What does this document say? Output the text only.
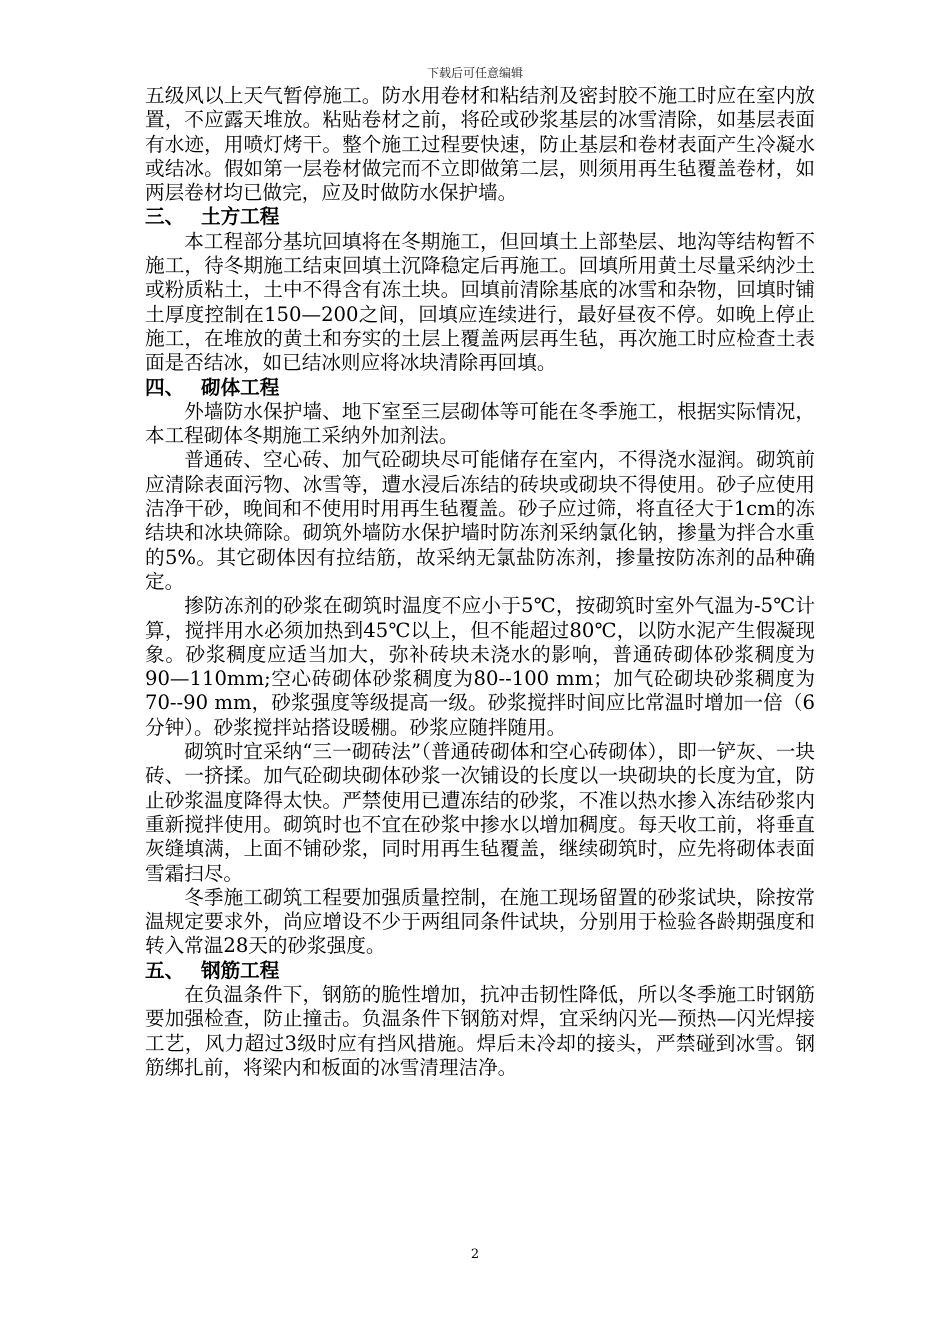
下载后可任意编辑

五级风以上天气暂停施工。防水用卷材和粘结剂及密封胶不施工时应在室内放置，不应露天堆放。粘贴卷材之前，将砼或砂浆基层的冰雪清除，如基层表面有水迹，用喷灯烤干。整个施工过程要快速，防止基层和卷材表面产生冷凝水或结冰。假如第一层卷材做完而不立即做第二层，则须用再生毡覆盖卷材，如两层卷材均已做完，应及时做防水保护墙。

三、 土方工程

本工程部分基坑回填将在冬期施工，但回填土上部垫层、地沟等结构暂不施工，待冬期施工结束回填土沉降稳定后再施工。回填所用黄土尽量采纳沙土或粉质粘土，土中不得含有冻土块。回填前清除基底的冰雪和杂物，回填时铺土厚度控制在150—200之间，回填应连续进行，最好昼夜不停。如晚上停止施工，在堆放的黄土和夯实的土层上覆盖两层再生毡，再次施工时应检查土表面是否结冰，如已结冰则应将冰块清除再回填。

四、 砌体工程

外墙防水保护墙、地下室至三层砌体等可能在冬季施工，根据实际情况，本工程砌体冬期施工采纳外加剂法。

普通砖、空心砖、加气砼砌块尽可能储存在室内，不得浇水湿润。砌筑前应清除表面污物、冰雪等，遭水浸后冻结的砖块或砌块不得使用。砂子应使用洁净干砂，晚间和不使用时用再生毡覆盖。砂子应过筛，将直径大于1cm的冻结块和冰块筛除。砌筑外墙防水保护墙时防冻剂采纳氯化钠，掺量为拌合水重的5%。其它砌体因有拉结筋，故采纳无氯盐防冻剂，掺量按防冻剂的品种确定。

掺防冻剂的砂浆在砌筑时温度不应小于5℃，按砌筑时室外气温为-5℃计算，搅拌用水必须加热到45℃以上，但不能超过80℃，以防水泥产生假凝现象。砂浆稠度应适当加大，弥补砖块未浇水的影响，普通砖砌体砂浆稠度为90—110mm;空心砖砌体砂浆稠度为80--100 mm；加气砼砌块砂浆稠度为70--90 mm，砂浆强度等级提高一级。砂浆搅拌时间应比常温时增加一倍（6分钟）。砂浆搅拌站搭设暖棚。砂浆应随拌随用。

砌筑时宜采纳“三一砌砖法”（普通砖砌体和空心砖砌体），即一铲灰、一块砖、一挤揉。加气砼砌块砌体砂浆一次铺设的长度以一块砌块的长度为宜，防止砂浆温度降得太快。严禁使用已遭冻结的砂浆，不准以热水掺入冻结砂浆内重新搅拌使用。砌筑时也不宜在砂浆中掺水以增加稠度。每天收工前，将垂直灰缝填满，上面不铺砂浆，同时用再生毡覆盖，继续砌筑时，应先将砌体表面雪霜扫尽。

冬季施工砌筑工程要加强质量控制，在施工现场留置的砂浆试块，除按常温规定要求外，尚应增设不少于两组同条件试块，分别用于检验各龄期强度和转入常温28天的砂浆强度。

五、 钢筋工程

在负温条件下，钢筋的脆性增加，抗冲击韧性降低，所以冬季施工时钢筋要加强检查，防止撞击。负温条件下钢筋对焊，宜采纳闪光—预热—闪光焊接工艺，风力超过3级时应有挡风措施。焊后未冷却的接头，严禁碰到冰雪。钢筋绑扎前，将梁内和板面的冰雪清理洁净。

2
